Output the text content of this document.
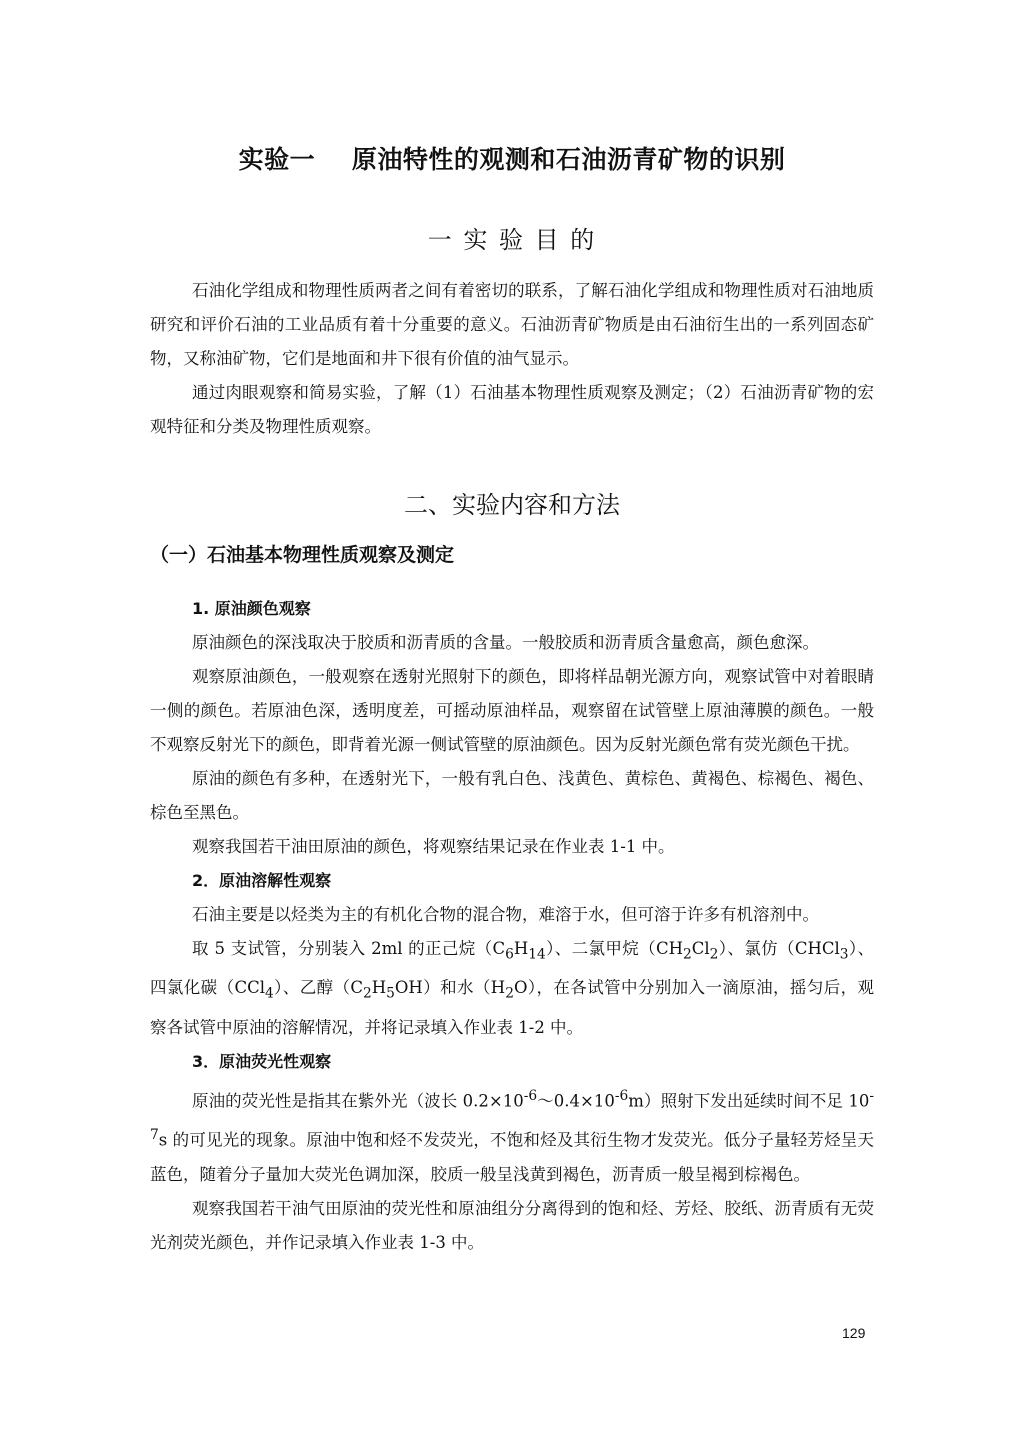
实验一    原油特性的观测和石油沥青矿物的识别
一 实 验 目 的

石油化学组成和物理性质两者之间有着密切的联系，了解石油化学组成和物理性质对石油地质研究和评价石油的工业品质有着十分重要的意义。石油沥青矿物质是由石油衍生出的一系列固态矿物，又称油矿物，它们是地面和井下很有价值的油气显示。

通过肉眼观察和简易实验，了解（1）石油基本物理性质观察及测定；（2）石油沥青矿物的宏观特征和分类及物理性质观察。

二、实验内容和方法
（一）石油基本物理性质观察及测定
1. 原油颜色观察

原油颜色的深浅取决于胶质和沥青质的含量。一般胶质和沥青质含量愈高，颜色愈深。

观察原油颜色，一般观察在透射光照射下的颜色，即将样品朝光源方向，观察试管中对着眼睛一侧的颜色。若原油色深，透明度差，可摇动原油样品，观察留在试管壁上原油薄膜的颜色。一般不观察反射光下的颜色，即背着光源一侧试管壁的原油颜色。因为反射光颜色常有荧光颜色干扰。

原油的颜色有多种，在透射光下，一般有乳白色、浅黄色、黄棕色、黄褐色、棕褐色、褐色、棕色至黑色。

观察我国若干油田原油的颜色，将观察结果记录在作业表 1-1 中。

2．原油溶解性观察

石油主要是以烃类为主的有机化合物的混合物，难溶于水，但可溶于许多有机溶剂中。

取 5 支试管，分别装入 2ml 的正己烷$(C_6H_{14})$、二氯甲烷$(CH_2Cl_2)$、氯仿（CHCl$_3$）、四氯化碳（CCl$_4$）、乙醇$(C_2H_5OH)$和水$(H_2O)$，在各试管中分别加入一滴原油，摇匀后，观察各试管中原油的溶解情况，并将记录填入作业表 1-2 中。

3．原油荧光性观察

原油的荧光性是指其在紫外光（波长 $0.2\times 10^{-6}\sim 0.4\times 10^{-6}m$）照射下发出延续时间不足 $10^{-7}s$ 的可见光的现象。原油中饱和烃不发荧光，不饱和烃及其衍生物才发荧光。低分子量轻芳烃呈天蓝色，随着分子量加大荧光色调加深，胶质一般呈浅黄到褐色，沥青质一般呈褐到棕褐色。

观察我国若干油气田原油的荧光性和原油组分分离得到的饱和烃、芳烃、胶纸、沥青质有无荧光剂荧光颜色，并作记录填入作业表 1-3 中。

129
